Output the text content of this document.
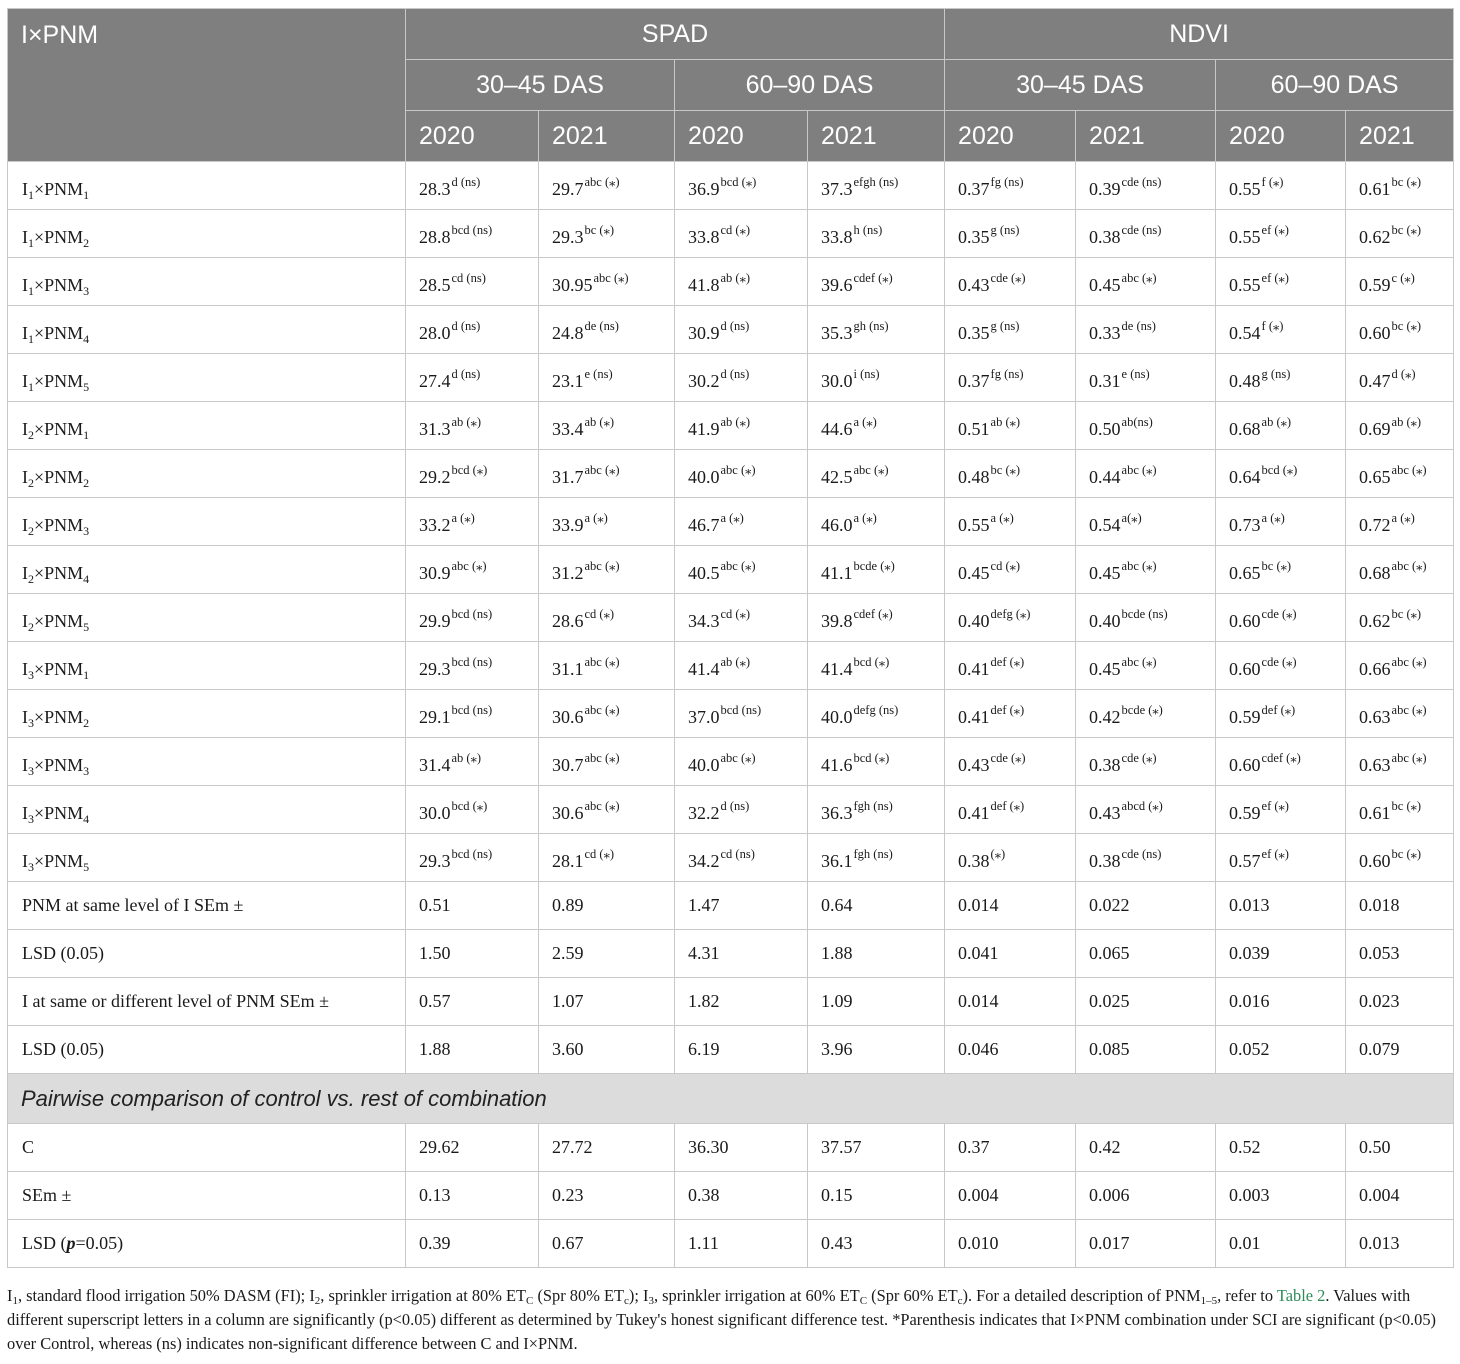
I×PNM	SPAD				NDVI			
	30–45 DAS		60–90 DAS		30–45 DAS		60–90 DAS	
	2020	2021	2020	2021	2020	2021	2020	2021
$I_1\times PNM_1$	$28.3^{d (ns)}$	$29.7^{abc (⁎)}$	$36.9^{bcd (⁎)}$	$37.3^{efgh (ns)}$	$0.37^{fg (ns)}$	$0.39^{cde (ns)}$	$0.55^{f (⁎)}$	$0.61^{bc (⁎)}$
$I_1\times PNM_2$	$28.8^{bcd (ns)}$	$29.3^{bc (⁎)}$	$33.8^{cd (⁎)}$	$33.8^{h (ns)}$	$0.35^{g (ns)}$	$0.38^{cde (ns)}$	$0.55^{ef (⁎)}$	$0.62^{bc (⁎)}$
$I_1\times PNM_3$	$28.5^{cd (ns)}$	$30.95^{abc (⁎)}$	$41.8^{ab (⁎)}$	$39.6^{cdef (⁎)}$	$0.43^{cde (⁎)}$	$0.45^{abc (⁎)}$	$0.55^{ef (⁎)}$	$0.59^{c (⁎)}$
$I_1\times PNM_4$	$28.0^{d (ns)}$	$24.8^{de (ns)}$	$30.9^{d (ns)}$	$35.3^{gh (ns)}$	$0.35^{g (ns)}$	$0.33^{de (ns)}$	$0.54^{f (⁎)}$	$0.60^{bc (⁎)}$
$I_1\times PNM_5$	$27.4^{d (ns)}$	$23.1^{e (ns)}$	$30.2^{d (ns)}$	$30.0^{i (ns)}$	$0.37^{fg (ns)}$	$0.31^{e (ns)}$	$0.48^{g (ns)}$	$0.47^{d (⁎)}$
$I_2\times PNM_1$	$31.3^{ab (⁎)}$	$33.4^{ab (⁎)}$	$41.9^{ab (⁎)}$	$44.6^{a (⁎)}$	$0.51^{ab (⁎)}$	$0.50^{ab(ns)}$	$0.68^{ab (⁎)}$	$0.69^{ab (⁎)}$
$I_2\times PNM_2$	$29.2^{bcd (⁎)}$	$31.7^{abc (⁎)}$	$40.0^{abc (⁎)}$	$42.5^{abc (⁎)}$	$0.48^{bc (⁎)}$	$0.44^{abc (⁎)}$	$0.64^{bcd (⁎)}$	$0.65^{abc (⁎)}$
$I_2\times PNM_3$	$33.2^{a (⁎)}$	$33.9^{a (⁎)}$	$46.7^{a (⁎)}$	$46.0^{a (⁎)}$	$0.55^{a (⁎)}$	$0.54^{a(⁎)}$	$0.73^{a (⁎)}$	$0.72^{a (⁎)}$
$I_2\times PNM_4$	$30.9^{abc (⁎)}$	$31.2^{abc (⁎)}$	$40.5^{abc (⁎)}$	$41.1^{bcde (⁎)}$	$0.45^{cd (⁎)}$	$0.45^{abc (⁎)}$	$0.65^{bc (⁎)}$	$0.68^{abc (⁎)}$
$I_2\times PNM_5$	$29.9^{bcd (ns)}$	$28.6^{cd (⁎)}$	$34.3^{cd (⁎)}$	$39.8^{cdef (⁎)}$	$0.40^{defg (⁎)}$	$0.40^{bcde (ns)}$	$0.60^{cde (⁎)}$	$0.62^{bc (⁎)}$
$I_3\times PNM_1$	$29.3^{bcd (ns)}$	$31.1^{abc (⁎)}$	$41.4^{ab (⁎)}$	$41.4^{bcd (⁎)}$	$0.41^{def (⁎)}$	$0.45^{abc (⁎)}$	$0.60^{cde (⁎)}$	$0.66^{abc (⁎)}$
$I_3\times PNM_2$	$29.1^{bcd (ns)}$	$30.6^{abc (⁎)}$	$37.0^{bcd (ns)}$	$40.0^{defg (ns)}$	$0.41^{def (⁎)}$	$0.42^{bcde (⁎)}$	$0.59^{def (⁎)}$	$0.63^{abc (⁎)}$
$I_3\times PNM_3$	$31.4^{ab (⁎)}$	$30.7^{abc (⁎)}$	$40.0^{abc (⁎)}$	$41.6^{bcd (⁎)}$	$0.43^{cde (⁎)}$	$0.38^{cde (⁎)}$	$0.60^{cdef (⁎)}$	$0.63^{abc (⁎)}$
$I_3\times PNM_4$	$30.0^{bcd (⁎)}$	$30.6^{abc (⁎)}$	$32.2^{d (ns)}$	$36.3^{fgh (ns)}$	$0.41^{def (⁎)}$	$0.43^{abcd (⁎)}$	$0.59^{ef (⁎)}$	$0.61^{bc (⁎)}$
$I_3\times PNM_5$	$29.3^{bcd (ns)}$	$28.1^{cd (⁎)}$	$34.2^{cd (ns)}$	$36.1^{fgh (ns)}$	0.38(⁎)	$0.38^{cde (ns)}$	$0.57^{ef (⁎)}$	$0.60^{bc (⁎)}$
PNM at same level of I SEm ±	0.51	0.89	1.47	0.64	0.014	0.022	0.013	0.018
LSD (0.05)	1.50	2.59	4.31	1.88	0.041	0.065	0.039	0.053
I at same or different level of PNM SEm ±	0.57	1.07	1.82	1.09	0.014	0.025	0.016	0.023
LSD (0.05)	1.88	3.60	6.19	3.96	0.046	0.085	0.052	0.079
Pairwise comparison of control vs. rest of combination								
C	29.62	27.72	36.30	37.57	0.37	0.42	0.52	0.50
SEm ±	0.13	0.23	0.38	0.15	0.004	0.006	0.003	0.004
LSD (p=0.05)	0.39	0.67	1.11	0.43	0.010	0.017	0.01	0.013
$I_1$, standard flood irrigation 50% DASM (FI); $I_2$, sprinkler irrigation at 80% $ET_C$ (Spr 80% $ET_c$); $I_3$, sprinkler irrigation at 60% $ET_C$ (Spr 60% $ET_c$). For a detailed description of $PNM_{1-5}$, refer to Table 2. Values with different superscript letters in a column are significantly (p<0.05) different as determined by Tukey's honest significant difference test. *Parenthesis indicates that I×PNM combination under SCI are significant (p<0.05) over Control, whereas (ns) indicates non-significant difference between C and I×PNM.
